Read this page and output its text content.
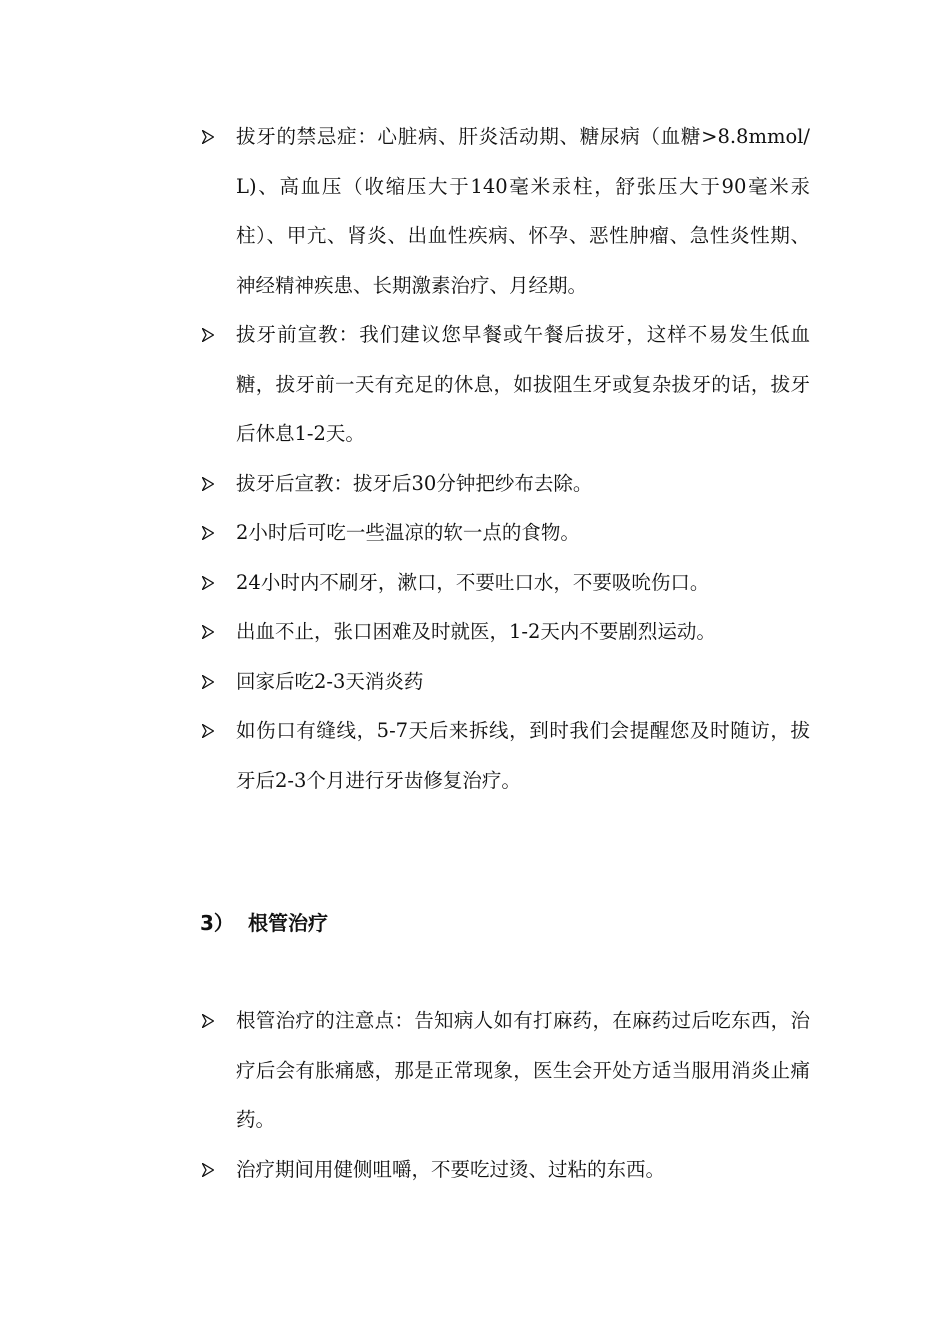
拔牙的禁忌症：心脏病、肝炎活动期、糖尿病（血糖>8.8mmol/L)、高血压（收缩压大于140毫米汞柱，舒张压大于90毫米汞柱）、甲亢、肾炎、出血性疾病、怀孕、恶性肿瘤、急性炎性期、神经精神疾患、长期激素治疗、月经期。
拔牙前宣教：我们建议您早餐或午餐后拔牙，这样不易发生低血糖，拔牙前一天有充足的休息，如拔阻生牙或复杂拔牙的话，拔牙后休息1-2天。
拔牙后宣教：拔牙后30分钟把纱布去除。
2小时后可吃一些温凉的软一点的食物。
24小时内不刷牙，漱口，不要吐口水，不要吸吮伤口。
出血不止，张口困难及时就医，1-2天内不要剧烈运动。
回家后吃2-3天消炎药
如伤口有缝线，5-7天后来拆线，到时我们会提醒您及时随访，拔牙后2-3个月进行牙齿修复治疗。
3） 根管治疗
根管治疗的注意点：告知病人如有打麻药，在麻药过后吃东西，治疗后会有胀痛感，那是正常现象，医生会开处方适当服用消炎止痛药。
治疗期间用健侧咀嚼，不要吃过烫、过粘的东西。
